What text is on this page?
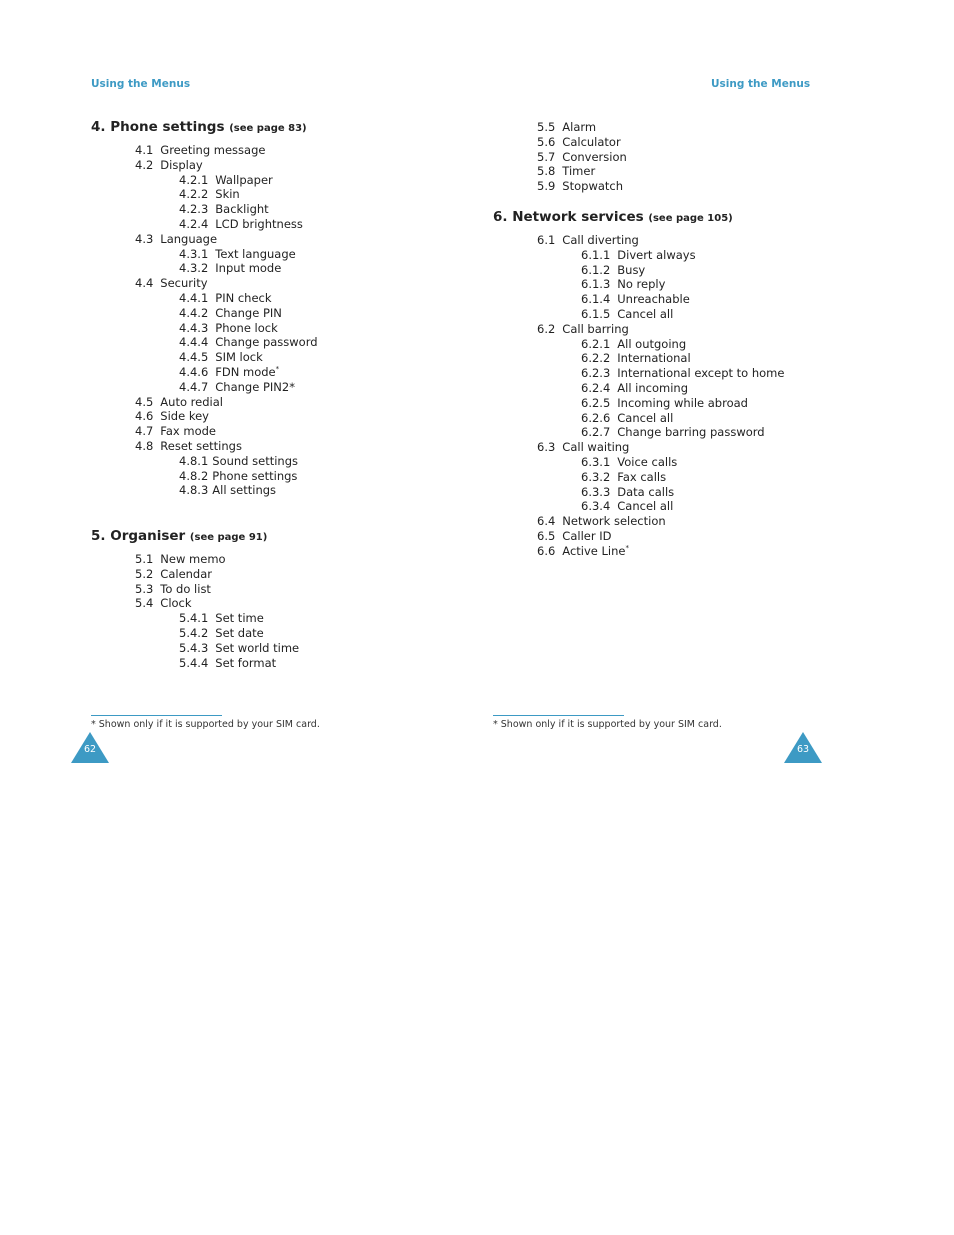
Using the Menus
4. Phone settings (see page 83)
4.1 Greeting message
4.2 Display
4.2.1 Wallpaper
4.2.2 Skin
4.2.3 Backlight
4.2.4 LCD brightness
4.3 Language
4.3.1 Text language
4.3.2 Input mode
4.4 Security
4.4.1 PIN check
4.4.2 Change PIN
4.4.3 Phone lock
4.4.4 Change password
4.4.5 SIM lock
4.4.6 FDN mode*
4.4.7 Change PIN2*
4.5 Auto redial
4.6 Side key
4.7 Fax mode
4.8 Reset settings
4.8.1 Sound settings
4.8.2 Phone settings
4.8.3 All settings
5. Organiser (see page 91)
5.1 New memo
5.2 Calendar
5.3 To do list
5.4 Clock
5.4.1 Set time
5.4.2 Set date
5.4.3 Set world time
5.4.4 Set format
* Shown only if it is supported by your SIM card.
62
Using the Menus
5.5 Alarm
5.6 Calculator
5.7 Conversion
5.8 Timer
5.9 Stopwatch
6. Network services (see page 105)
6.1 Call diverting
6.1.1 Divert always
6.1.2 Busy
6.1.3 No reply
6.1.4 Unreachable
6.1.5 Cancel all
6.2 Call barring
6.2.1 All outgoing
6.2.2 International
6.2.3 International except to home
6.2.4 All incoming
6.2.5 Incoming while abroad
6.2.6 Cancel all
6.2.7 Change barring password
6.3 Call waiting
6.3.1 Voice calls
6.3.2 Fax calls
6.3.3 Data calls
6.3.4 Cancel all
6.4 Network selection
6.5 Caller ID
6.6 Active Line*
* Shown only if it is supported by your SIM card.
63
